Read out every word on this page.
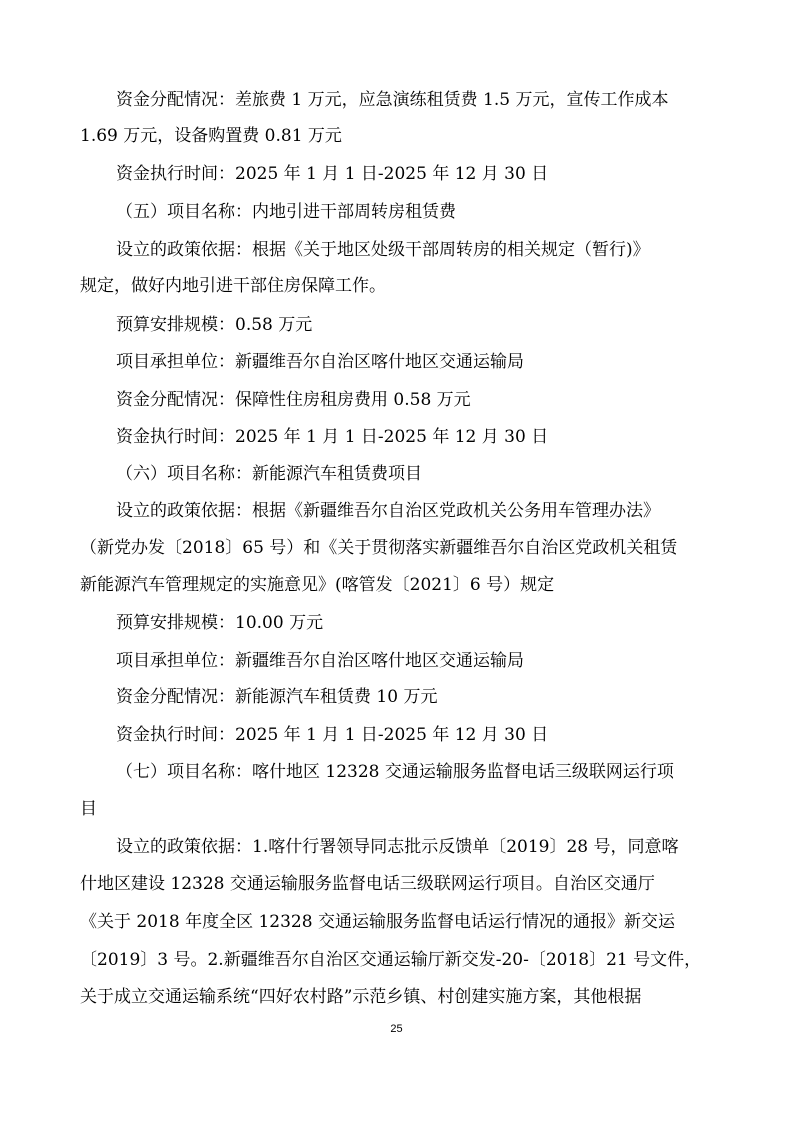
资金分配情况：差旅费 1 万元，应急演练租赁费 1.5 万元，宣传工作成本
1.69 万元，设备购置费 0.81 万元
资金执行时间：2025 年 1 月 1 日-2025 年 12 月 30 日
（五）项目名称：内地引进干部周转房租赁费
设立的政策依据：根据《关于地区处级干部周转房的相关规定（暂行)》
规定，做好内地引进干部住房保障工作。
预算安排规模：0.58 万元
项目承担单位：新疆维吾尔自治区喀什地区交通运输局
资金分配情况：保障性住房租房费用 0.58 万元
资金执行时间：2025 年 1 月 1 日-2025 年 12 月 30 日
（六）项目名称：新能源汽车租赁费项目
设立的政策依据：根据《新疆维吾尔自治区党政机关公务用车管理办法》
（新党办发〔2018〕65 号）和《关于贯彻落实新疆维吾尔自治区党政机关租赁
新能源汽车管理规定的实施意见》(喀管发〔2021〕6 号）规定
预算安排规模：10.00 万元
项目承担单位：新疆维吾尔自治区喀什地区交通运输局
资金分配情况：新能源汽车租赁费 10 万元
资金执行时间：2025 年 1 月 1 日-2025 年 12 月 30 日
（七）项目名称：喀什地区 12328 交通运输服务监督电话三级联网运行项
目
设立的政策依据：1.喀什行署领导同志批示反馈单〔2019〕28 号，同意喀
什地区建设 12328 交通运输服务监督电话三级联网运行项目。自治区交通厅
《关于 2018 年度全区 12328 交通运输服务监督电话运行情况的通报》新交运
〔2019〕3 号。2.新疆维吾尔自治区交通运输厅新交发-20-〔2018〕21 号文件，
关于成立交通运输系统“四好农村路”示范乡镇、村创建实施方案，其他根据
25
